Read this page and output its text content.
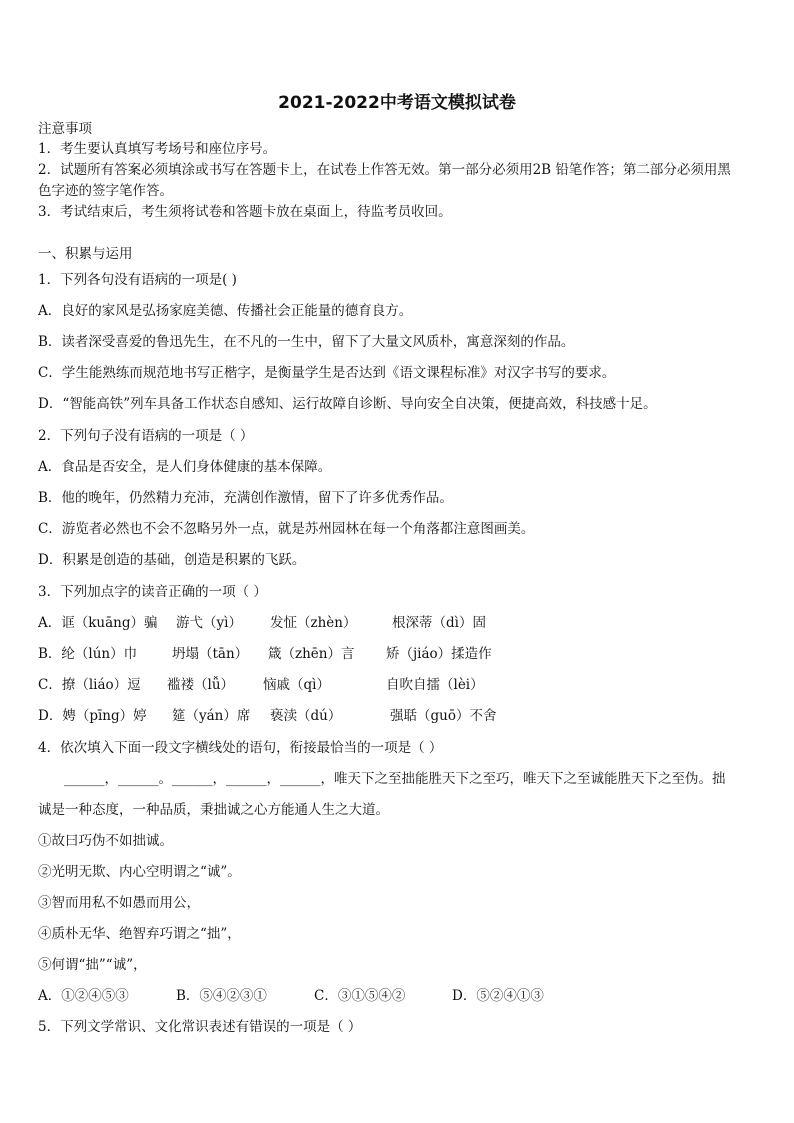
2021-2022中考语文模拟试卷
注意事项
1．考生要认真填写考场号和座位序号。
2．试题所有答案必须填涂或书写在答题卡上，在试卷上作答无效。第一部分必须用2B 铅笔作答；第二部分必须用黑
色字迹的签字笔作答。
3．考试结束后，考生须将试卷和答题卡放在桌面上，待监考员收回。
一、积累与运用
1．下列各句没有语病的一项是( )
A．良好的家风是弘扬家庭美德、传播社会正能量的德育良方。
B．读者深受喜爱的鲁迅先生，在不凡的一生中，留下了大量文风质朴，寓意深刻的作品。
C．学生能熟练而规范地书写正楷字，是衡量学生是否达到《语文课程标准》对汉字书写的要求。
D．“智能高铁”列车具备工作状态自感知、运行故障自诊断、导向安全自决策，便捷高效，科技感十足。
2．下列句子没有语病的一项是（ ）
A．食品是否安全，是人们身体健康的基本保障。
B．他的晚年，仍然精力充沛，充满创作激情，留下了许多优秀作品。
C．游览者必然也不会不忽略另外一点，就是苏州园林在每一个角落都注意图画美。
D．积累是创造的基础，创造是积累的飞跃。
3．下列加点字的读音正确的一项（ ）
A．诓（kuāng）骗 游弋（yì） 发怔（zhèn）	根深蒂（dì）固
B．纶（lún）巾	坍塌（tān） 箴（zhēn）言 矫（jiáo）揉造作
C．撩（liáo）逗 褴褛（lǚ） 恼戚（qì）	自吹自擂（lèi）
D．娉（pīng）婷 筵（yán）席 亵渎（dú）	强聒（guō）不舍
4．依次填入下面一段文字横线处的语句，衔接最恰当的一项是（ ）
______，______。______，______，______，唯天下之至拙能胜天下之至巧，唯天下之至诚能胜天下之至伪。拙
诚是一种态度，一种品质，秉拙诚之心方能通人生之大道。
①故曰巧伪不如拙诚。
②光明无欺、内心空明谓之“诚”。
③智而用私不如愚而用公，
④质朴无华、绝智弃巧谓之“拙”，
⑤何谓“拙”“诚”，
A．①②④⑤③	B．⑤④②③①	C．③①⑤④②	D．⑤②④①③
5．下列文学常识、文化常识表述有错误的一项是（ ）
